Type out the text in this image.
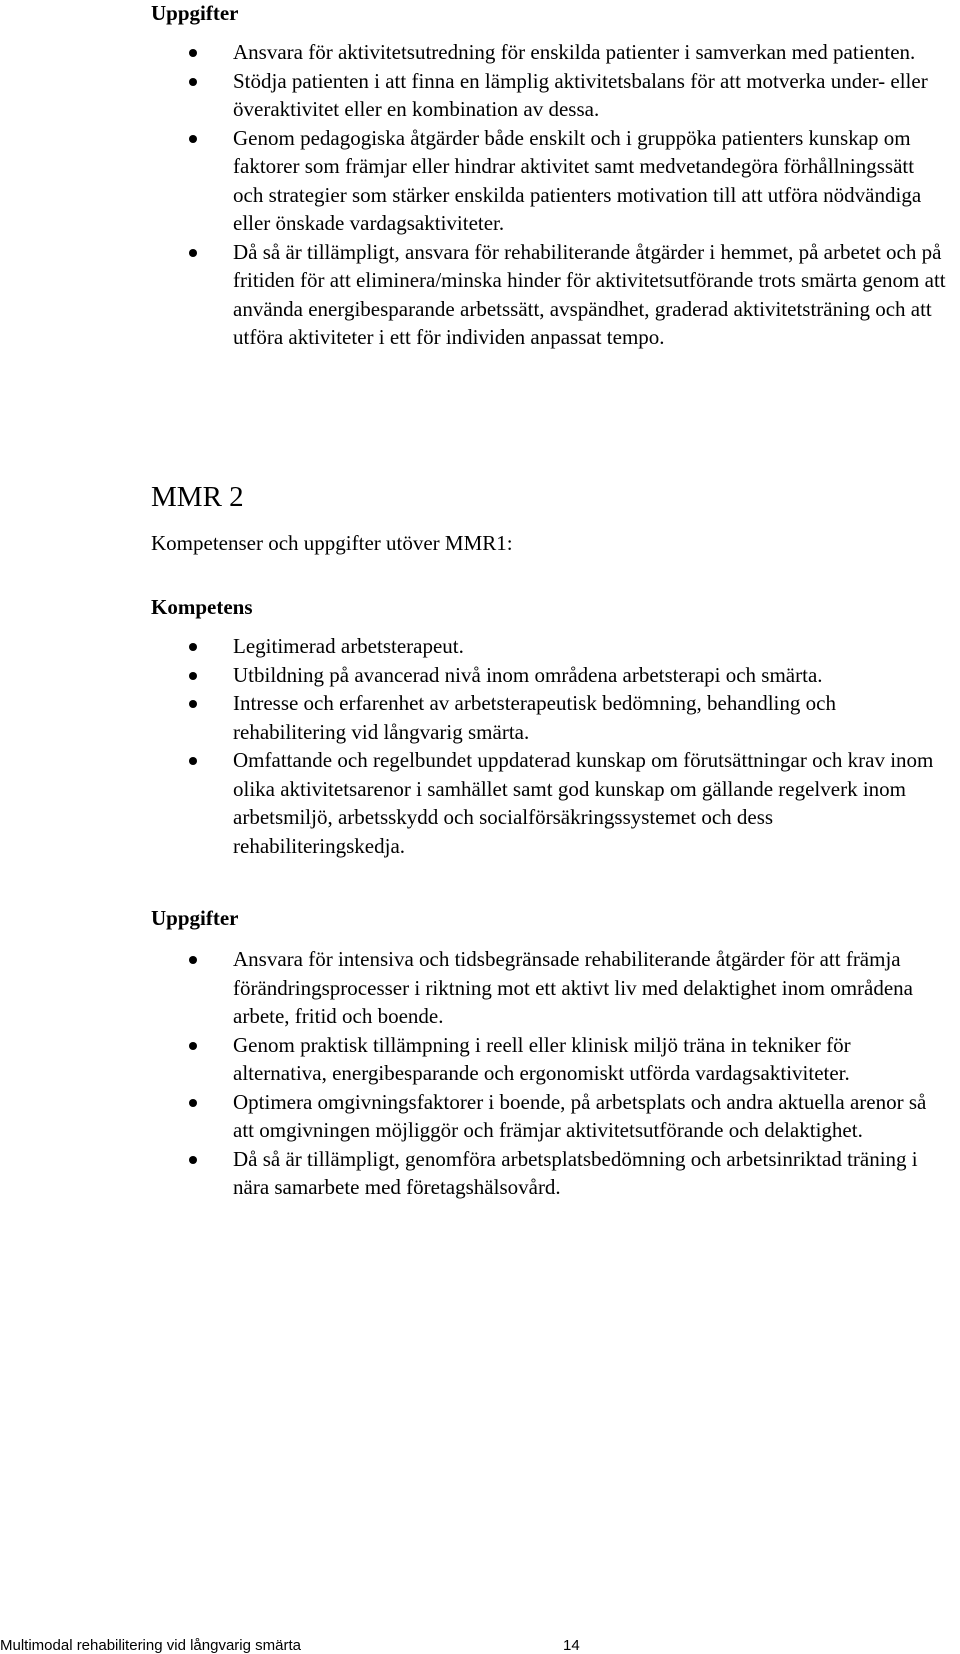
Uppgifter
Ansvara för aktivitetsutredning för enskilda patienter i samverkan med patienten.
Stödja patienten i att finna en lämplig aktivitetsbalans för att motverka under- eller överaktivitet eller en kombination av dessa.
Genom pedagogiska åtgärder både enskilt och i gruppöka patienters kunskap om faktorer som främjar eller hindrar aktivitet samt medvetandegöra förhållningssätt och strategier som stärker enskilda patienters motivation till att utföra nödvändiga eller önskade vardagsaktiviteter.
Då så är tillämpligt, ansvara för rehabiliterande åtgärder i hemmet, på arbetet och på fritiden för att eliminera/minska hinder för aktivitetsutförande trots smärta genom att använda energibesparande arbetssätt, avspändhet, graderad aktivitetsträning och att utföra aktiviteter i ett för individen anpassat tempo.
MMR 2

Kompetenser och uppgifter utöver MMR1:

Kompetens
Legitimerad arbetsterapeut.
Utbildning på avancerad nivå inom områdena arbetsterapi och smärta.
Intresse och erfarenhet av arbetsterapeutisk bedömning, behandling och rehabilitering vid långvarig smärta.
Omfattande och regelbundet uppdaterad kunskap om förutsättningar och krav inom olika aktivitetsarenor i samhället samt god kunskap om gällande regelverk inom arbetsmiljö, arbetsskydd och socialförsäkringssystemet och dess rehabiliteringskedja.
Uppgifter
Ansvara för intensiva och tidsbegränsade rehabiliterande åtgärder för att främja förändringsprocesser i riktning mot ett aktivt liv med delaktighet inom områdena arbete, fritid och boende.
Genom praktisk tillämpning i reell eller klinisk miljö träna in tekniker för alternativa, energibesparande och ergonomiskt utförda vardagsaktiviteter.
Optimera omgivningsfaktorer i boende, på arbetsplats och andra aktuella arenor så att omgivningen möjliggör och främjar aktivitetsutförande och delaktighet.
Då så är tillämpligt, genomföra arbetsplatsbedömning och arbetsinriktad träning i nära samarbete med företagshälsovård.

Multimodal rehabilitering vid långvarig smärta	14
